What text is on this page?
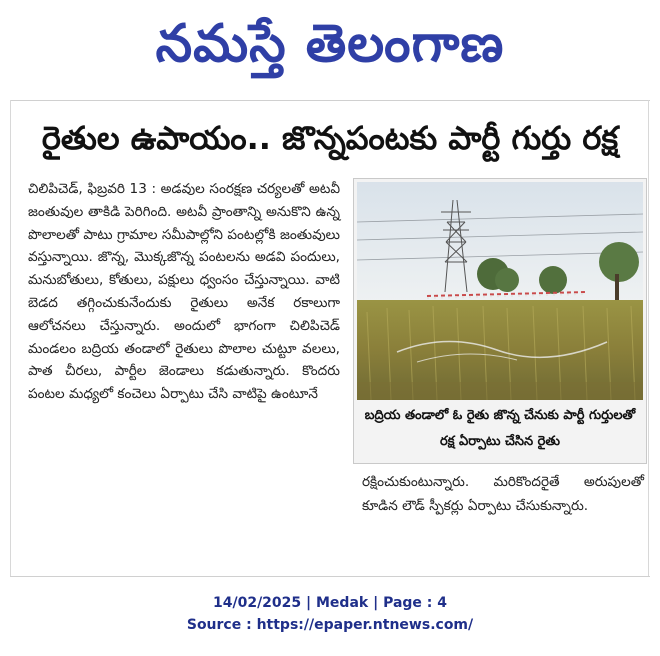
నమస్తే తెలంగాణ
రైతుల ఉపాయం.. జొన్నపంటకు పార్టీ గుర్తు రక్ష

చిలిపిచెడ్, ఫిబ్రవరి 13 : అడవుల సంరక్షణ చర్యలతో అటవీ జంతువుల తాకిడి పెరిగింది. అటవీ ప్రాంతాన్ని అనుకొని ఉన్న పొలాలతో పాటు గ్రామాల సమీపాల్లోని పంటల్లోకి జంతువులు వస్తున్నాయి. జొన్న, మొక్కజొన్న పంటలను అడవి పందులు, మనుబోతులు, కోతులు, పక్షులు ధ్వంసం చేస్తున్నాయి. వాటి బెడద తగ్గించుకునేందుకు రైతులు అనేక రకాలుగా ఆలోచనలు చేస్తున్నారు. అందులో భాగంగా చిలిపిచెడ్ మండలం బద్రియ తండాలో రైతులు పొలాల చుట్టూ వలలు, పాత చీరలు, పార్టీల జెండాలు కడుతున్నారు. కొందరు పంటల మధ్యలో కంచెలు ఏర్పాటు చేసి వాటిపై ఉంటూనే

బద్రియ తండాలో ఓ రైతు జొన్న చేనుకు పార్టీ గుర్తులతో రక్ష ఏర్పాటు చేసిన రైతు

రక్షించుకుంటున్నారు. మరికొందరైతే అరుపులతో కూడిన లౌడ్ స్పీకర్లు ఏర్పాటు చేసుకున్నారు.

14/02/2025 | Medak | Page : 4
Source : https://epaper.ntnews.com/
